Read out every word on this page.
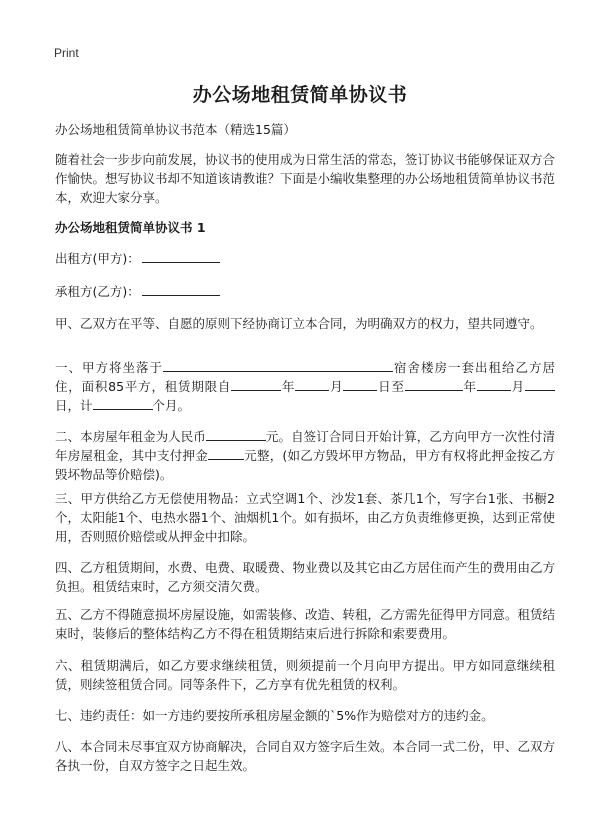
Print
办公场地租赁简单协议书
办公场地租赁简单协议书范本（精选15篇）
随着社会一步步向前发展，协议书的使用成为日常生活的常态，签订协议书能够保证双方合作愉快。想写协议书却不知道该请教谁？下面是小编收集整理的办公场地租赁简单协议书范本，欢迎大家分享。
办公场地租赁简单协议书 1
出租方(甲方)：
承租方(乙方)：
甲、乙双方在平等、自愿的原则下经协商订立本合同，为明确双方的权力，望共同遵守。
一、甲方将坐落于	宿舍楼房一套出租给乙方居住，面积85平方，租赁期限自	年	月	日至	年	月日，计	个月。
二、本房屋年租金为人民币	元。自签订合同日开始计算，乙方向甲方一次性付清年房屋租金，其中支付押金	元整，(如乙方毁坏甲方物品，甲方有权将此押金按乙方毁坏物品等价赔偿)。
三、甲方供给乙方无偿使用物品：立式空调1个、沙发1套、茶几1个，写字台1张、书橱2个，太阳能1个、电热水器1个、油烟机1个。如有损坏，由乙方负责维修更换，达到正常使用，否则照价赔偿或从押金中扣除。
四、乙方租赁期间，水费、电费、取暖费、物业费以及其它由乙方居住而产生的费用由乙方负担。租赁结束时，乙方须交清欠费。
五、乙方不得随意损坏房屋设施，如需装修、改造、转租，乙方需先征得甲方同意。租赁结束时，装修后的整体结构乙方不得在租赁期结束后进行拆除和索要费用。
六、租赁期满后，如乙方要求继续租赁，则须提前一个月向甲方提出。甲方如同意继续租赁，则续签租赁合同。同等条件下，乙方享有优先租赁的权利。
七、违约责任：如一方违约要按所承租房屋金额的`5%作为赔偿对方的违约金。
八、本合同未尽事宜双方协商解决，合同自双方签字后生效。本合同一式二份，甲、乙双方各执一份，自双方签字之日起生效。
